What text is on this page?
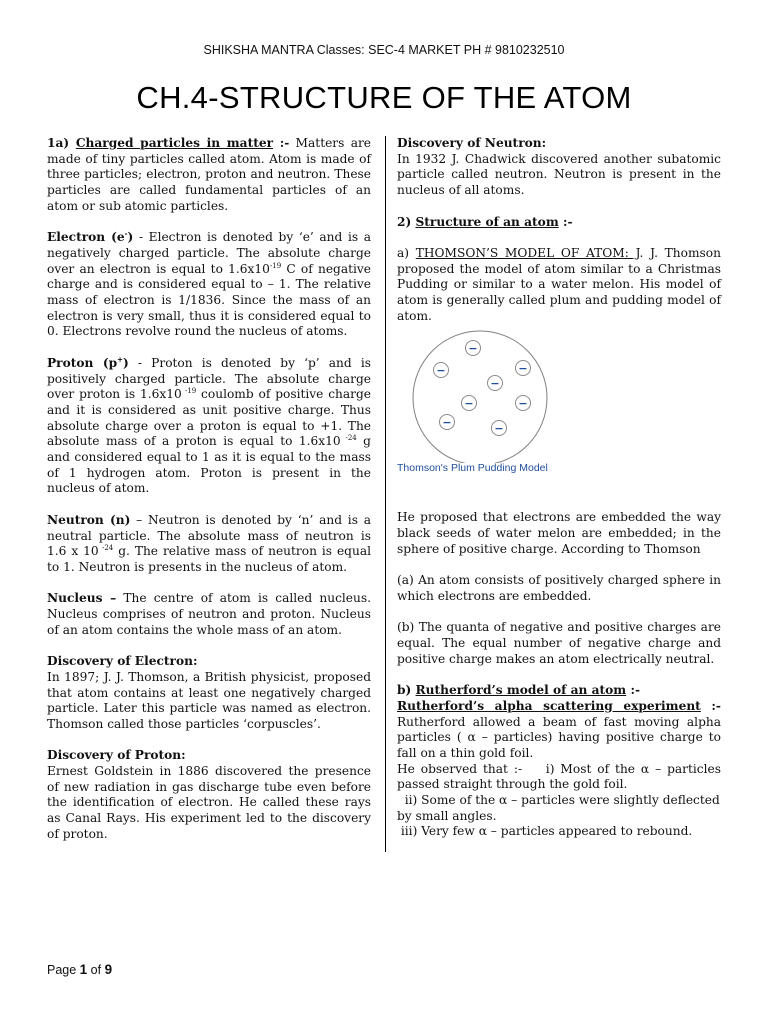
SHIKSHA MANTRA Classes: SEC-4 MARKET PH # 9810232510
CH.4-STRUCTURE OF THE ATOM

1a) Charged particles in matter :- Matters are made of tiny particles called atom. Atom is made of three particles; electron, proton and neutron. These particles are called fundamental particles of an atom or sub atomic particles.

Electron (e-) - Electron is denoted by ‘e’ and is a negatively charged particle. The absolute charge over an electron is equal to $1.6x10^{-19}$ C of negative charge and is considered equal to – 1. The relative mass of electron is 1/1836. Since the mass of an electron is very small, thus it is considered equal to 0. Electrons revolve round the nucleus of atoms.

Proton (p+) - Proton is denoted by ‘p’ and is positively charged particle. The absolute charge over proton is 1.6x10 $^{-19}$ coulomb of positive charge and it is considered as unit positive charge. Thus absolute charge over a proton is equal to +1. The absolute mass of a proton is equal to 1.6x10 $^{-24}$ g and considered equal to 1 as it is equal to the mass of 1 hydrogen atom. Proton is present in the nucleus of atom.

Neutron (n) – Neutron is denoted by ‘n’ and is a neutral particle. The absolute mass of neutron is 1.6 x 10 $^{-24}$ g. The relative mass of neutron is equal to 1. Neutron is presents in the nucleus of atom.

Nucleus – The centre of atom is called nucleus. Nucleus comprises of neutron and proton. Nucleus of an atom contains the whole mass of an atom.

Discovery of Electron:

In 1897; J. J. Thomson, a British physicist, proposed that atom contains at least one negatively charged particle. Later this particle was named as electron. Thomson called those particles ‘corpuscles’.

Discovery of Proton:

Ernest Goldstein in 1886 discovered the presence of new radiation in gas discharge tube even before the identification of electron. He called these rays as Canal Rays. His experiment led to the discovery of proton.

Discovery of Neutron:

In 1932 J. Chadwick discovered another subatomic particle called neutron. Neutron is present in the nucleus of all atoms.

2) Structure of an atom :-

a) THOMSON’S MODEL OF ATOM: J. J. Thomson proposed the model of atom similar to a Christmas Pudding or similar to a water melon. His model of atom is generally called plum and pudding model of atom.

−
−	−
−
−	−
−	−
Thomson's Plum Pudding Model

He proposed that electrons are embedded the way black seeds of water melon are embedded; in the sphere of positive charge. According to Thomson

(a) An atom consists of positively charged sphere in which electrons are embedded.

(b) The quanta of negative and positive charges are equal. The equal number of negative charge and positive charge makes an atom electrically neutral.

b) Rutherford’s model of an atom :-

Rutherford’s alpha scattering experiment :- Rutherford allowed a beam of fast moving alpha particles ( α – particles) having positive charge to fall on a thin gold foil.

He observed that :-    i) Most of the α – particles passed straight through the gold foil.

ii) Some of the α – particles were slightly deflected by small angles.

iii) Very few α – particles appeared to rebound.

Page 1 of 9
